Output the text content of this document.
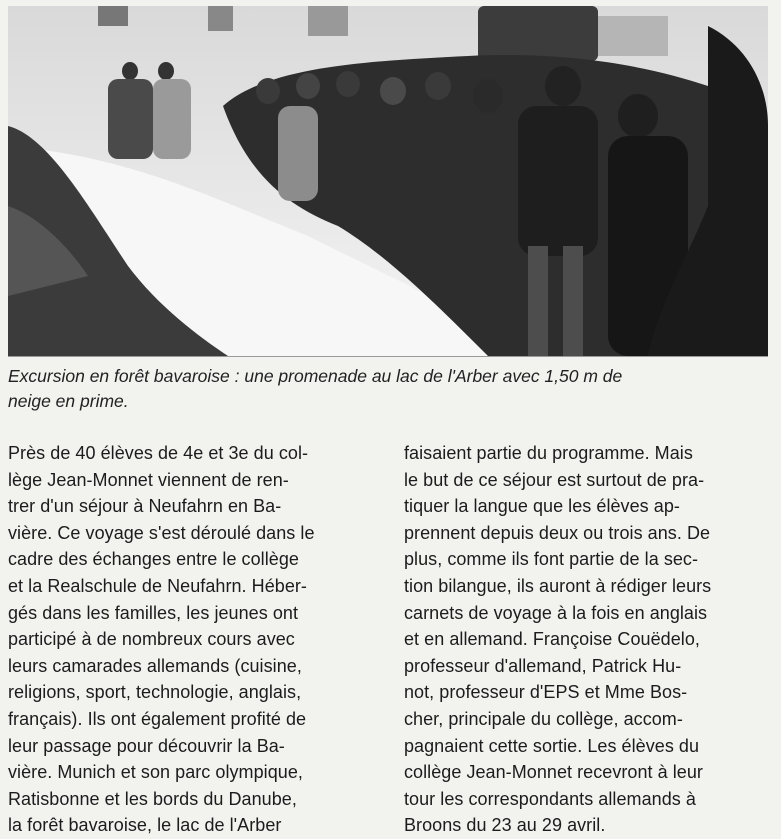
Excursion en forêt bavaroise : une promenade au lac de l'Arber avec 1,50 m de
neige en prime.
Près de 40 élèves de 4e et 3e du col-
lège Jean-Monnet viennent de ren-
trer d'un séjour à Neufahrn en Ba-
vière. Ce voyage s'est déroulé dans le
cadre des échanges entre le collège
et la Realschule de Neufahrn. Héber-
gés dans les familles, les jeunes ont
participé à de nombreux cours avec
leurs camarades allemands (cuisine,
religions, sport, technologie, anglais,
français). Ils ont également profité de
leur passage pour découvrir la Ba-
vière. Munich et son parc olympique,
Ratisbonne et les bords du Danube,
la forêt bavaroise, le lac de l'Arber
faisaient partie du programme. Mais
le but de ce séjour est surtout de pra-
tiquer la langue que les élèves ap-
prennent depuis deux ou trois ans. De
plus, comme ils font partie de la sec-
tion bilangue, ils auront à rédiger leurs
carnets de voyage à la fois en anglais
et en allemand. Françoise Couëdelo,
professeur d'allemand, Patrick Hu-
not, professeur d'EPS et Mme Bos-
cher, principale du collège, accom-
pagnaient cette sortie. Les élèves du
collège Jean-Monnet recevront à leur
tour les correspondants allemands à
Broons du 23 au 29 avril.
